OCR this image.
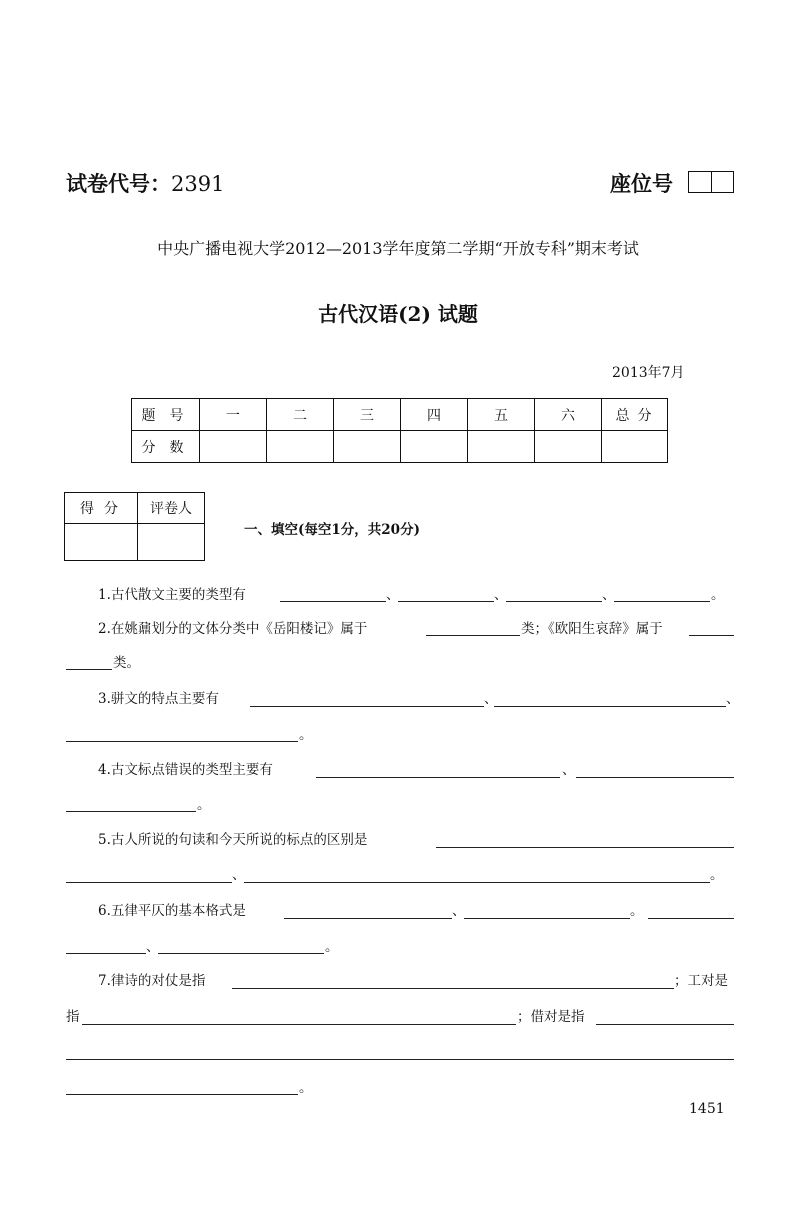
试卷代号：2391	座位号
中央广播电视大学2012—2013学年度第二学期“开放专科”期末考试
古代汉语(2) 试题
2013年7月
题号	一	二	三	四	五	六	总分
分数							
得分	评卷人

一、填空(每空1分，共20分)
1.古代散文主要的类型有	、	、	、	。
2.在姚鼐划分的文体分类中《岳阳楼记》属于	类；《欧阳生哀辞》属于
类。
3.骈文的特点主要有	、	、
。
4.古文标点错误的类型主要有	、
。
5.古人所说的句读和今天所说的标点的区别是
、	。
6.五律平仄的基本格式是	、	。
、	。
7.律诗的对仗是指	；工对是
指	；借对是指
。
1451
